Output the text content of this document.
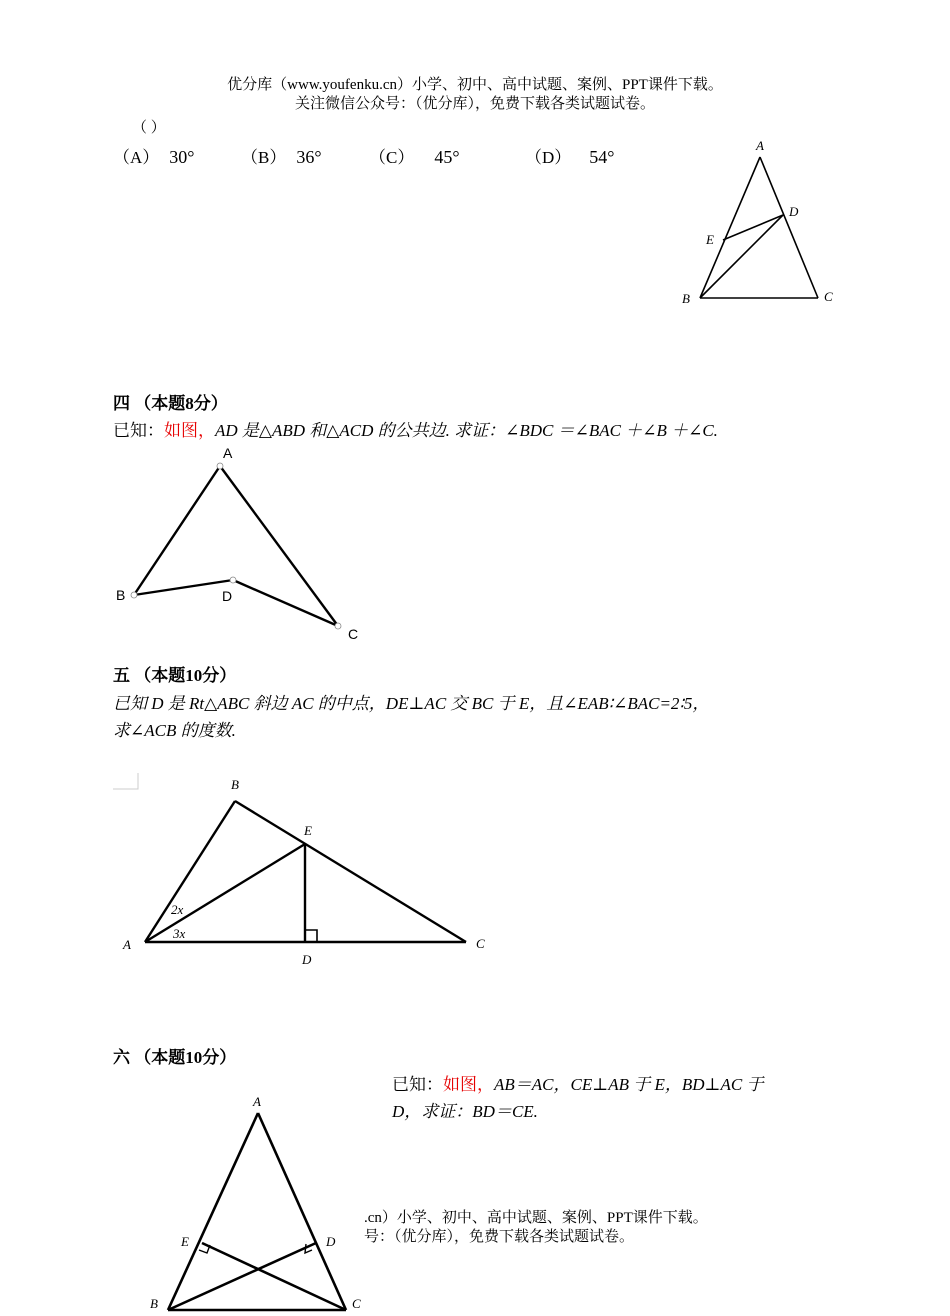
优分库（www.youfenku.cn）小学、初中、高中试题、案例、PPT课件下载。
关注微信公众号：（优分库），免费下载各类试题试卷。
（ ）
（A） 30°	（B） 36°	（C） 45°	（D） 54°
A
B	C
D
E
四 （本题8分）
已知：如图，AD 是△ABD 和△ACD 的公共边. 求证：∠BDC ＝∠BAC ＋∠B ＋∠C.
A
B	D
C
五 （本题10分）
已知 D 是 Rt△ABC 斜边 AC 的中点，DE⊥AC 交 BC 于 E，且∠EAB∶∠BAC=2∶5，
求∠ACB 的度数.
B
E
A
D
C
2x
3x
六 （本题10分）
已知：如图，AB＝AC，CE⊥AB 于 E，BD⊥AC 于
D，求证：BD＝CE.
A
E	D
B	C
.cn）小学、初中、高中试题、案例、PPT课件下载。
号：（优分库），免费下载各类试题试卷。
